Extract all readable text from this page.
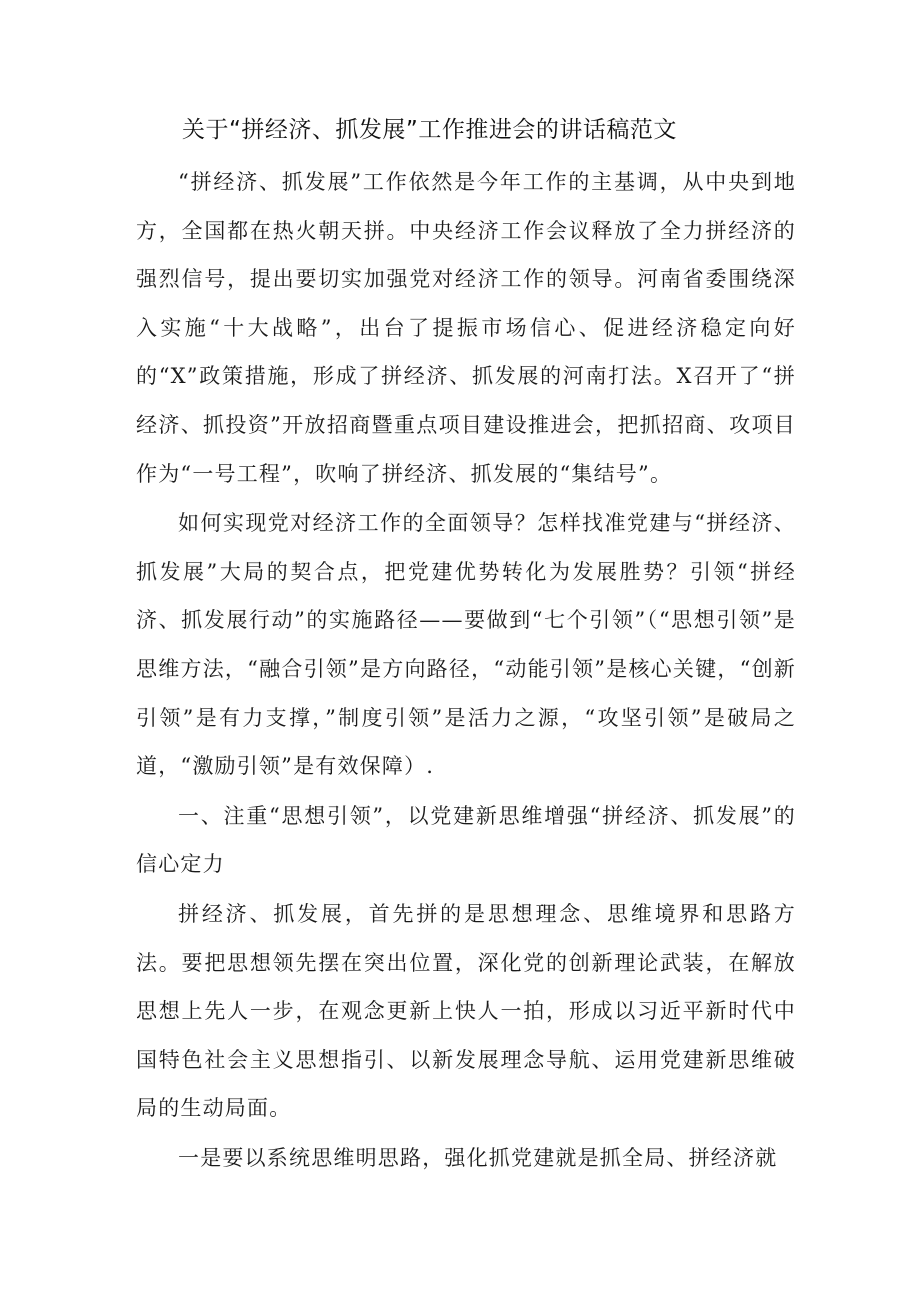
关于“拼经济、抓发展”工作推进会的讲话稿范文

“拼经济、抓发展”工作依然是今年工作的主基调，从中央到地方，全国都在热火朝天拼。中央经济工作会议释放了全力拼经济的强烈信号，提出要切实加强党对经济工作的领导。河南省委围绕深入实施“十大战略”，出台了提振市场信心、促进经济稳定向好的“X”政策措施，形成了拼经济、抓发展的河南打法。X召开了“拼经济、抓投资”开放招商暨重点项目建设推进会，把抓招商、攻项目作为“一号工程”，吹响了拼经济、抓发展的“集结号”。

如何实现党对经济工作的全面领导？怎样找准党建与“拼经济、抓发展”大局的契合点，把党建优势转化为发展胜势？引领“拼经济、抓发展行动”的实施路径——要做到“七个引领”（“思想引领”是思维方法，“融合引领”是方向路径，“动能引领”是核心关键，“创新引领”是有力支撑，”制度引领”是活力之源，“攻坚引领”是破局之道，“激励引领”是有效保障）.

一、注重“思想引领”，以党建新思维增强“拼经济、抓发展”的信心定力

拼经济、抓发展，首先拼的是思想理念、思维境界和思路方法。要把思想领先摆在突出位置，深化党的创新理论武装，在解放思想上先人一步，在观念更新上快人一拍，形成以习近平新时代中国特色社会主义思想指引、以新发展理念导航、运用党建新思维破局的生动局面。

一是要以系统思维明思路，强化抓党建就是抓全局、拼经济就
